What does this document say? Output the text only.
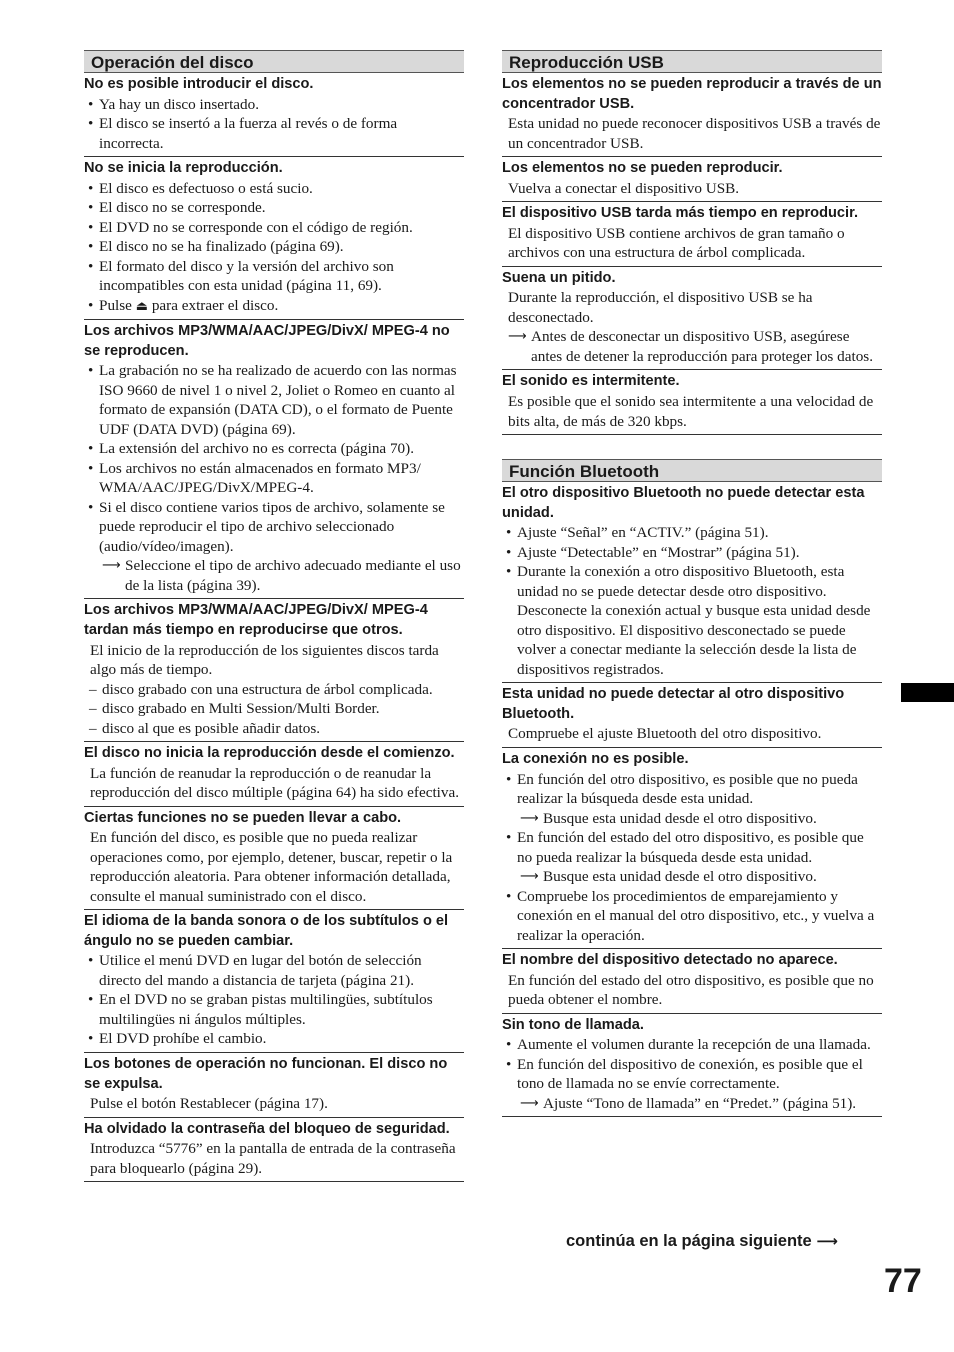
Operación del disco
No es posible introducir el disco.
• Ya hay un disco insertado.
• El disco se insertó a la fuerza al revés o de forma incorrecta.
No se inicia la reproducción.
• El disco es defectuoso o está sucio.
• El disco no se corresponde.
• El DVD no se corresponde con el código de región.
• El disco no se ha finalizado (página 69).
• El formato del disco y la versión del archivo son incompatibles con esta unidad (página 11, 69).
• Pulse ⏏ para extraer el disco.
Los archivos MP3/WMA/AAC/JPEG/DivX/ MPEG-4 no se reproducen.
• La grabación no se ha realizado de acuerdo con las normas ISO 9660 de nivel 1 o nivel 2, Joliet o Romeo en cuanto al formato de expansión (DATA CD), o el formato de Puente UDF (DATA DVD) (página 69).
• La extensión del archivo no es correcta (página 70).
• Los archivos no están almacenados en formato MP3/ WMA/AAC/JPEG/DivX/MPEG-4.
• Si el disco contiene varios tipos de archivo, solamente se puede reproducir el tipo de archivo seleccionado (audio/vídeo/imagen).
⟶ Seleccione el tipo de archivo adecuado mediante el uso de la lista (página 39).
Los archivos MP3/WMA/AAC/JPEG/DivX/ MPEG-4 tardan más tiempo en reproducirse que otros.
El inicio de la reproducción de los siguientes discos tarda algo más de tiempo.
– disco grabado con una estructura de árbol complicada.
– disco grabado en Multi Session/Multi Border.
– disco al que es posible añadir datos.
El disco no inicia la reproducción desde el comienzo.
La función de reanudar la reproducción o de reanudar la reproducción del disco múltiple (página 64) ha sido efectiva.
Ciertas funciones no se pueden llevar a cabo.
En función del disco, es posible que no pueda realizar operaciones como, por ejemplo, detener, buscar, repetir o la reproducción aleatoria. Para obtener información detallada, consulte el manual suministrado con el disco.
El idioma de la banda sonora o de los subtítulos o el ángulo no se pueden cambiar.
• Utilice el menú DVD en lugar del botón de selección directo del mando a distancia de tarjeta (página 21).
• En el DVD no se graban pistas multilingües, subtítulos multilingües ni ángulos múltiples.
• El DVD prohíbe el cambio.
Los botones de operación no funcionan. El disco no se expulsa.
Pulse el botón Restablecer (página 17).
Ha olvidado la contraseña del bloqueo de seguridad.
Introduzca “5776” en la pantalla de entrada de la contraseña para bloquearlo (página 29).
Reproducción USB
Los elementos no se pueden reproducir a través de un concentrador USB.
Esta unidad no puede reconocer dispositivos USB a través de un concentrador USB.
Los elementos no se pueden reproducir.
Vuelva a conectar el dispositivo USB.
El dispositivo USB tarda más tiempo en reproducir.
El dispositivo USB contiene archivos de gran tamaño o archivos con una estructura de árbol complicada.
Suena un pitido.
Durante la reproducción, el dispositivo USB se ha desconectado.
⟶ Antes de desconectar un dispositivo USB, asegúrese antes de detener la reproducción para proteger los datos.
El sonido es intermitente.
Es posible que el sonido sea intermitente a una velocidad de bits alta, de más de 320 kbps.
Función Bluetooth
El otro dispositivo Bluetooth no puede detectar esta unidad.
• Ajuste “Señal” en “ACTIV.” (página 51).
• Ajuste “Detectable” en “Mostrar” (página 51).
• Durante la conexión a otro dispositivo Bluetooth, esta unidad no se puede detectar desde otro dispositivo. Desconecte la conexión actual y busque esta unidad desde otro dispositivo. El dispositivo desconectado se puede volver a conectar mediante la selección desde la lista de dispositivos registrados.
Esta unidad no puede detectar al otro dispositivo Bluetooth.
Compruebe el ajuste Bluetooth del otro dispositivo.
La conexión no es posible.
• En función del otro dispositivo, es posible que no pueda realizar la búsqueda desde esta unidad.
⟶ Busque esta unidad desde el otro dispositivo.
• En función del estado del otro dispositivo, es posible que no pueda realizar la búsqueda desde esta unidad.
⟶ Busque esta unidad desde el otro dispositivo.
• Compruebe los procedimientos de emparejamiento y conexión en el manual del otro dispositivo, etc., y vuelva a realizar la operación.
El nombre del dispositivo detectado no aparece.
En función del estado del otro dispositivo, es posible que no pueda obtener el nombre.
Sin tono de llamada.
• Aumente el volumen durante la recepción de una llamada.
• En función del dispositivo de conexión, es posible que el tono de llamada no se envíe correctamente.
⟶ Ajuste “Tono de llamada” en “Predet.” (página 51).
continúa en la página siguiente ⟶
77
